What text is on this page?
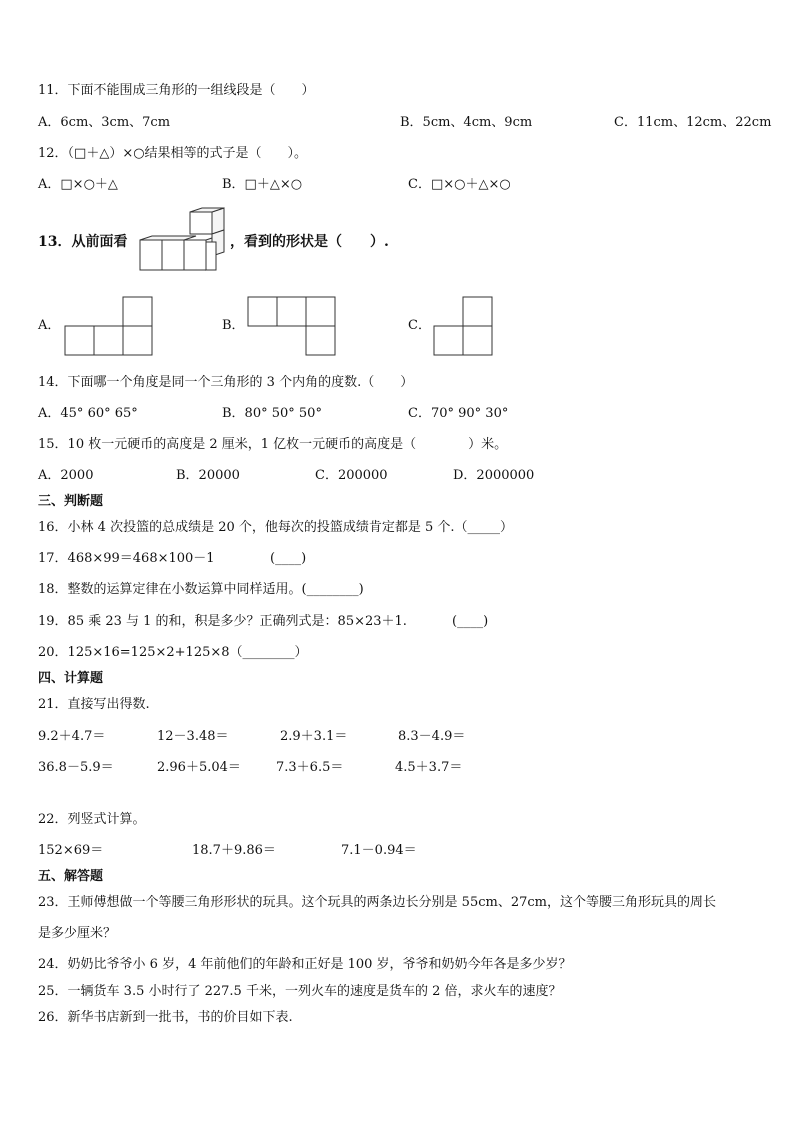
11．下面不能围成三角形的一组线段是（　　）
A．6cm、3cm、7cm	B．5cm、4cm、9cm	C．11cm、12cm、22cm
12．（□＋△）×○结果相等的式子是（　　）。
A．□×○＋△	B．□＋△×○	C．□×○＋△×○
13．从前面看	，看到的形状是（　　）.
A．	B．	C．
14．下面哪一个角度是同一个三角形的 3 个内角的度数.（　　）
A．45° 60° 65°	B．80° 50° 50°	C．70° 90° 30°
15．10 枚一元硬币的高度是 2 厘米，1 亿枚一元硬币的高度是（　　　　）米。
A．2000	B．20000	C．200000	D．2000000
三、判断题
16．小林 4 次投篮的总成绩是 20 个，他每次的投篮成绩肯定都是 5 个.（_____）
17．468×99＝468×100－1	(____)
18．整数的运算定律在小数运算中同样适用。(________)
19．85 乘 23 与 1 的和，积是多少？正确列式是：85×23＋1.	(____)
20．125×16=125×2+125×8（________）
四、计算题
21．直接写出得数.
9.2＋4.7＝	12－3.48＝	2.9＋3.1＝	8.3－4.9＝
36.8－5.9＝	2.96＋5.04＝	7.3＋6.5＝	4.5＋3.7＝
22．列竖式计算。
152×69＝	18.7＋9.86＝	7.1－0.94＝
五、解答题
23．王师傅想做一个等腰三角形形状的玩具。这个玩具的两条边长分别是 55cm、27cm，这个等腰三角形玩具的周长
是多少厘米？
24．奶奶比爷爷小 6 岁，4 年前他们的年龄和正好是 100 岁，爷爷和奶奶今年各是多少岁？
25．一辆货车 3.5 小时行了 227.5 千米，一列火车的速度是货车的 2 倍，求火车的速度？
26．新华书店新到一批书，书的价目如下表.
